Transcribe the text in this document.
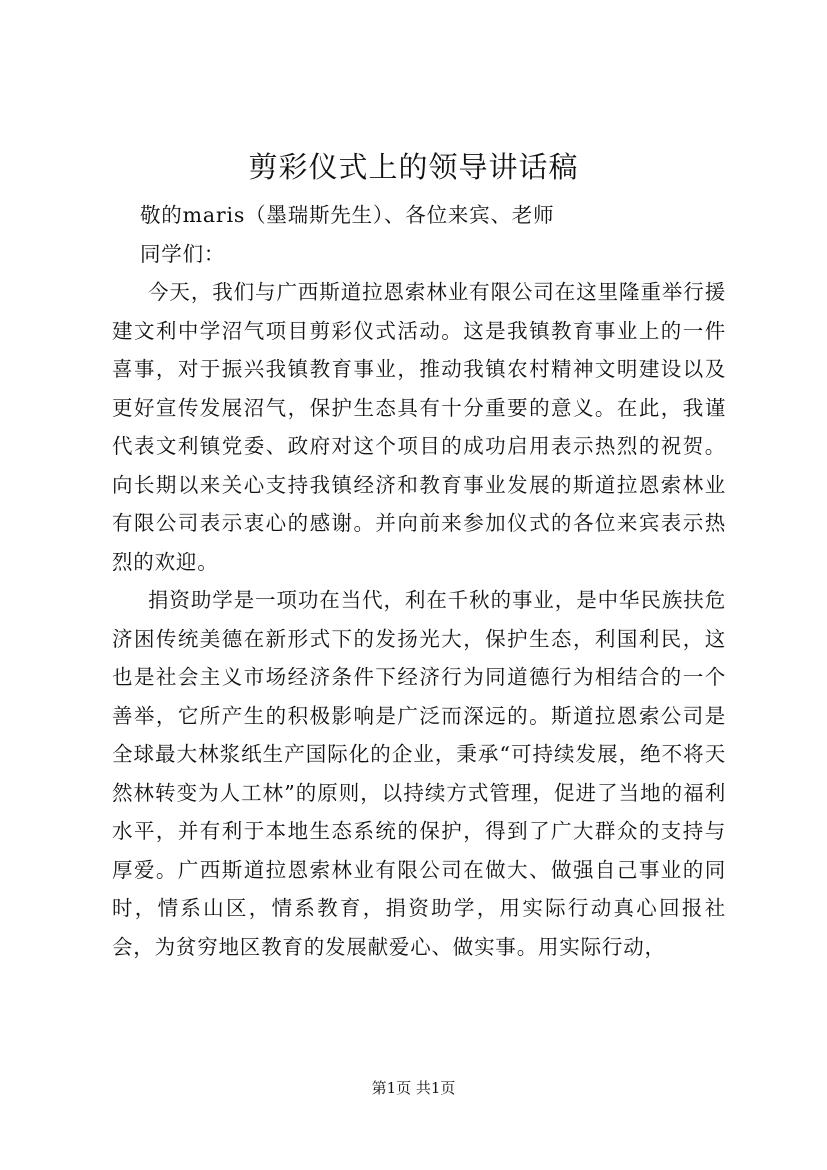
剪彩仪式上的领导讲话稿

敬的maris（墨瑞斯先生）、各位来宾、老师

同学们：

今天，我们与广西斯道拉恩索林业有限公司在这里隆重举行援建文利中学沼气项目剪彩仪式活动。这是我镇教育事业上的一件喜事，对于振兴我镇教育事业，推动我镇农村精神文明建设以及更好宣传发展沼气，保护生态具有十分重要的意义。在此，我谨代表文利镇党委、政府对这个项目的成功启用表示热烈的祝贺。向长期以来关心支持我镇经济和教育事业发展的斯道拉恩索林业有限公司表示衷心的感谢。并向前来参加仪式的各位来宾表示热烈的欢迎。

捐资助学是一项功在当代，利在千秋的事业，是中华民族扶危济困传统美德在新形式下的发扬光大，保护生态，利国利民，这也是社会主义市场经济条件下经济行为同道德行为相结合的一个善举，它所产生的积极影响是广泛而深远的。斯道拉恩索公司是全球最大林浆纸生产国际化的企业，秉承“可持续发展，绝不将天然林转变为人工林”的原则，以持续方式管理，促进了当地的福利水平，并有利于本地生态系统的保护，得到了广大群众的支持与厚爱。广西斯道拉恩索林业有限公司在做大、做强自己事业的同时，情系山区，情系教育，捐资助学，用实际行动真心回报社会，为贫穷地区教育的发展献爱心、做实事。用实际行动，

第1页 共1页
